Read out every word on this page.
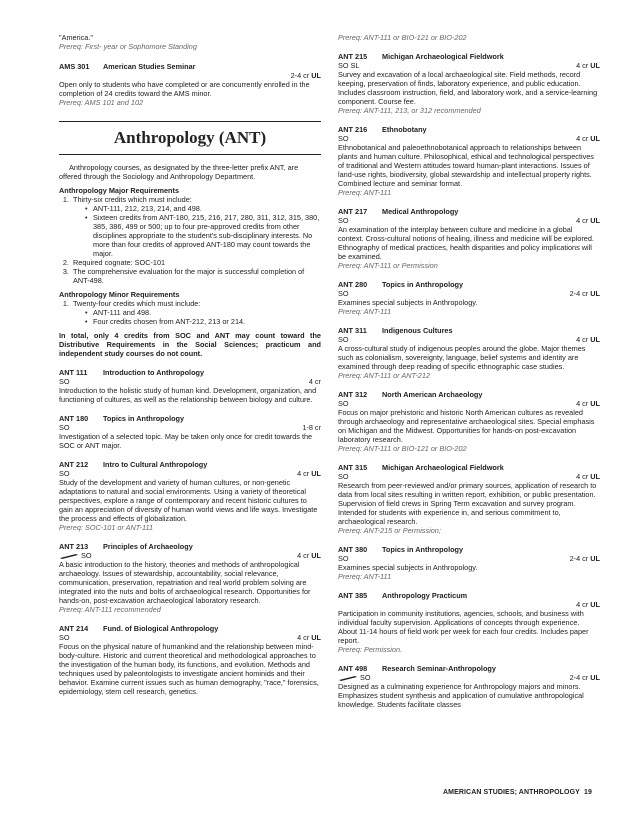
"America."

Prereq: First- year or Sophomore Standing

AMS 301 American Studies Seminar
2-4 cr UL

Open only to students who have completed or are concurrently enrolled in the completion of 24 credits toward the AMS minor.

Prereq: AMS 101 and 102

Anthropology (ANT)

Anthropology courses, as designated by the three-letter prefix ANT, are offered through the Sociology and Anthropology Department.

Anthropology Major Requirements
1. Thirty-six credits which must include:
• ANT-111, 212, 213, 214, and 498.
• Sixteen credits from ANT-180, 215, 216, 217, 280, 311, 312, 315, 380, 385, 386, 499 or 500; up to four pre-approved credits from other disciplines appropriate to the student's sub-disciplinary interests. No more than four credits of approved ANT-180 may count towards the major.
2. Required cognate: SOC-101
3. The comprehensive evaluation for the major is successful completion of ANT-498.
Anthropology Minor Requirements
1. Twenty-four credits which must include:
• ANT-111 and 498.
• Four credits chosen from ANT-212, 213 or 214.

In total, only 4 credits from SOC and ANT may count toward the Distributive Requirements in the Social Sciences; practicum and independent study courses do not count.

ANT 111 Introduction to Anthropology
SO	4 cr

Introduction to the holistic study of human kind. Development, organization, and functioning of cultures, as well as the relationship between biology and culture.

ANT 180 Topics in Anthropology
SO	1-8 cr

Investigation of a selected topic. May be taken only once for credit towards the SOC or ANT major.

ANT 212 Intro to Cultural Anthropology
SO	4 cr UL

Study of the development and variety of human cultures, or non-genetic adaptations to natural and social environments. Using a variety of theoretical perspectives, explore a range of contemporary and recent historic cultures to gain an appreciation of diversity of human world views and life ways. Investigate the process and effects of globalization.

Prereq: SOC-101 or ANT-111

ANT 213 Principles of Archaeology
SO	4 cr UL

A basic introduction to the history, theories and methods of anthropological archaeology. Issues of stewardship, accountability, social relevance, communication, preservation, repatriation and real world problem solving are integrated into the nuts and bolts of archaeological research. Opportunities for hands-on, post-excavation archaeological laboratory research.

Prereq: ANT-111 recommended

ANT 214 Fund. of Biological Anthropology
SO	4 cr UL

Focus on the physical nature of humankind and the relationship between mind-body-culture. Historic and current theoretical and methodological approaches to the investigation of the human body, its functions, and evolution. Methods and techniques used by paleontologists to investigate ancient hominids and their behavior. Examine current issues such as human demography, "race," forensics, epidemiology, stem cell research, genetics.

Prereq: ANT-111 or BIO-121 or BIO-202

ANT 215 Michigan Archaeological Fieldwork
SO SL	4 cr UL

Survey and excavation of a local archaeological site. Field methods, record keeping, preservation of finds, laboratory experience, and public education. Includes classroom instruction, field, and laboratory work, and a service-learning component. Course fee.

Prereq: ANT-111, 213, or 312 recommended

ANT 216 Ethnobotany
SO	4 cr UL

Ethnobotanical and paleoethnobotanical approach to relationships between plants and human culture. Philosophical, ethical and technological perspectives of traditional and Western attitudes toward human-plant interactions. Issues of land-use rights, biodiversity, global stewardship and intellectual property rights. Combined lecture and seminar format.

Prereq: ANT-111

ANT 217 Medical Anthropology
SO	4 cr UL

An examination of the interplay between culture and medicine in a global context. Cross-cultural notions of healing, illness and medicine will be explored. Ethnography of medical practices, health disparities and policy implications will be examined.

Prereq: ANT-111 or Permission

ANT 280 Topics in Anthropology
SO	2-4 cr UL

Examines special subjects in Anthropology.

Prereq: ANT-111

ANT 311 Indigenous Cultures
SO	4 cr UL

A cross-cultural study of indigenous peoples around the globe. Major themes such as colonialism, sovereignty, language, belief systems and identity are examined through deep reading of specific ethnographic case studies.

Prereq: ANT-111 or ANT-212

ANT 312 North American Archaeology
SO	4 cr UL

Focus on major prehistoric and historic North American cultures as revealed through archaeology and representative archaeological sites. Special emphasis on Michigan and the Midwest. Opportunities for hands-on post-excavation laboratory research.

Prereq: ANT-111 or BIO-121 or BIO-202

ANT 315 Michigan Archaeological Fieldwork
SO	4 cr UL

Research from peer-reviewed and/or primary sources, application of research to data from local sites resulting in written report, exhibition, or public presentation. Supervision of field crews in Spring Term excavation and survey program. Intended for students with experience in, and serious commitment to, archaeological research.

Prereq: ANT-215 or Permission;

ANT 380 Topics in Anthropology
SO	2-4 cr UL

Examines special subjects in Anthropology.

Prereq: ANT-111

ANT 385 Anthropology Practicum
4 cr UL

Participation in community institutions, agencies, schools, and business with individual faculty supervision. Applications of concepts through experience. About 11-14 hours of field work per week for each four credits. Includes paper report.

Prereq: Permission.

ANT 498 Research Seminar-Anthropology
SO	2-4 cr UL

Designed as a culminating experience for Anthropology majors and minors. Emphasizes student synthesis and application of cumulative anthropological knowledge. Students facilitate classes

AMERICAN STUDIES; ANTHROPOLOGY 19
